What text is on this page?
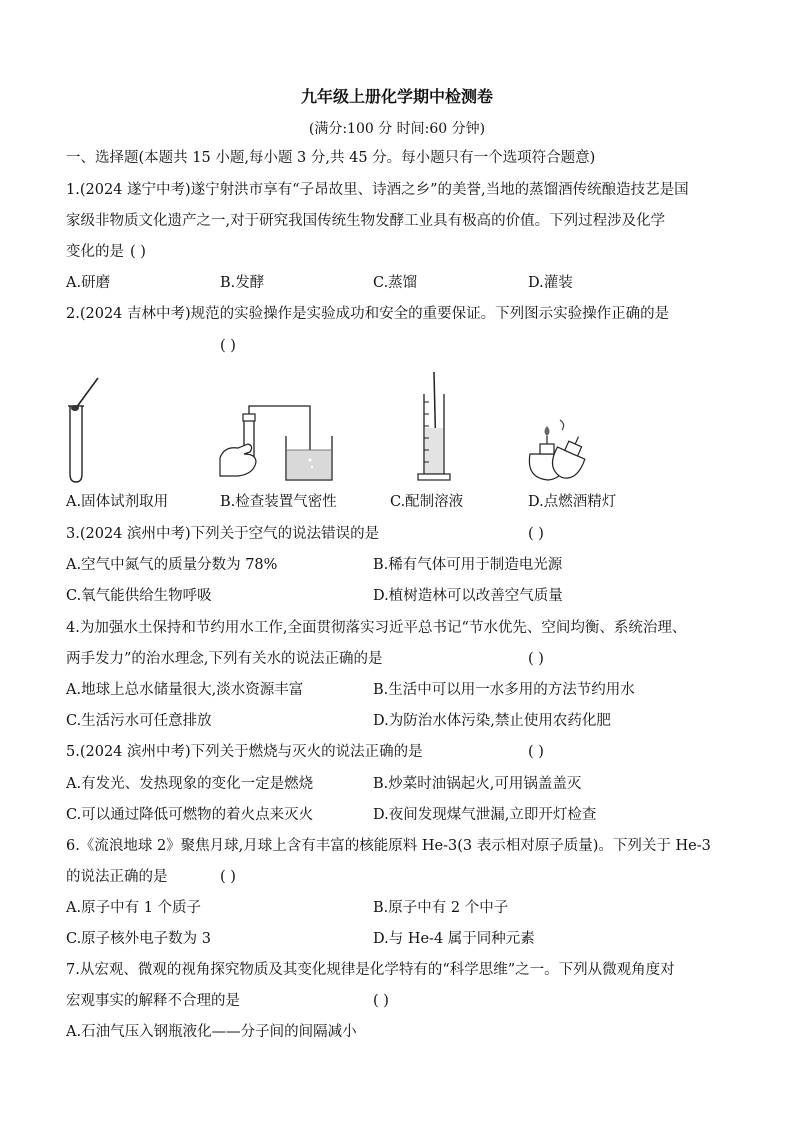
九年级上册化学期中检测卷
(满分:100 分 时间:60 分钟)
一、选择题(本题共 15 小题,每小题 3 分,共 45 分。每小题只有一个选项符合题意)
1.(2024 遂宁中考)遂宁射洪市享有“子昂故里、诗酒之乡”的美誉,当地的蒸馏酒传统酿造技艺是国
家级非物质文化遗产之一,对于研究我国传统生物发酵工业具有极高的价值。下列过程涉及化学
变化的是 ( )
A.研磨	B.发酵	C.蒸馏	D.灌装
2.(2024 吉林中考)规范的实验操作是实验成功和安全的重要保证。下列图示实验操作正确的是
( )
A.固体试剂取用	B.检查装置气密性	C.配制溶液	D.点燃酒精灯
3.(2024 滨州中考)下列关于空气的说法错误的是	( )
A.空气中氮气的质量分数为 78%	B.稀有气体可用于制造电光源
C.氧气能供给生物呼吸	D.植树造林可以改善空气质量
4.为加强水土保持和节约用水工作,全面贯彻落实习近平总书记“节水优先、空间均衡、系统治理、
两手发力”的治水理念,下列有关水的说法正确的是	( )
A.地球上总水储量很大,淡水资源丰富	B.生活中可以用一水多用的方法节约用水
C.生活污水可任意排放	D.为防治水体污染,禁止使用农药化肥
5.(2024 滨州中考)下列关于燃烧与灭火的说法正确的是	( )
A.有发光、发热现象的变化一定是燃烧	B.炒菜时油锅起火,可用锅盖盖灭
C.可以通过降低可燃物的着火点来灭火	D.夜间发现煤气泄漏,立即开灯检查
6.《流浪地球 2》聚焦月球,月球上含有丰富的核能原料 He-3(3 表示相对原子质量)。下列关于 He-3
的说法正确的是	( )
A.原子中有 1 个质子	B.原子中有 2 个中子
C.原子核外电子数为 3	D.与 He-4 属于同种元素
7.从宏观、微观的视角探究物质及其变化规律是化学特有的“科学思维”之一。下列从微观角度对
宏观事实的解释不合理的是	( )
A.石油气压入钢瓶液化——分子间的间隔减小
